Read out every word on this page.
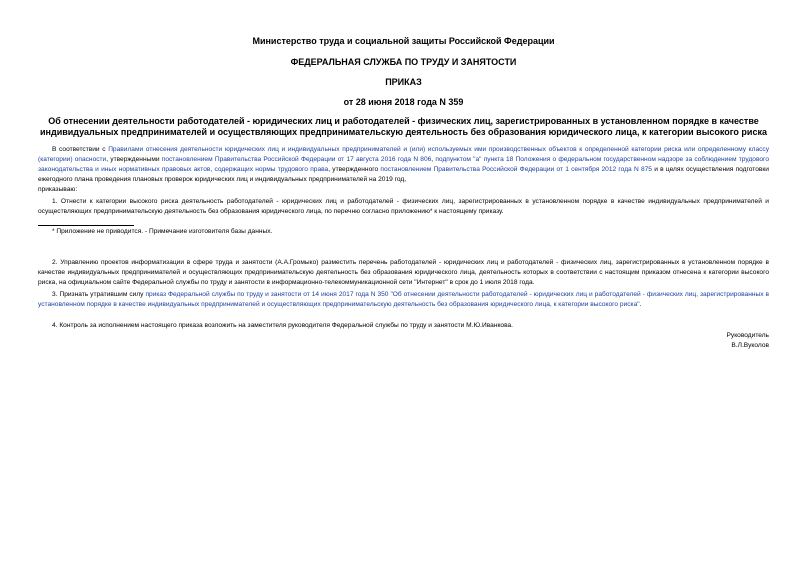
Министерство труда и социальной защиты Российской Федерации
ФЕДЕРАЛЬНАЯ СЛУЖБА ПО ТРУДУ И ЗАНЯТОСТИ
ПРИКАЗ
от 28 июня 2018 года N 359
Об отнесении деятельности работодателей - юридических лиц и работодателей - физических лиц, зарегистрированных в установленном порядке в качестве
индивидуальных предпринимателей и осуществляющих предпринимательскую деятельность без образования юридического лица, к категории высокого риска
В соответствии с Правилами отнесения деятельности юридических лиц и индивидуальных предпринимателей и (или) используемых ими производственных объектов к определенной категории риска или определенному классу (категории) опасности, утвержденными постановлением Правительства Российской Федерации от 17 августа 2016 года N 806, подпунктом "а" пункта 18 Положения о федеральном государственном надзоре за соблюдением трудового законодательства и иных нормативных правовых актов, содержащих нормы трудового права, утвержденного постановлением Правительства Российской Федерации от 1 сентября 2012 года N 875 и в целях осуществления подготовки ежегодного плана проведения плановых проверок юридических лиц и индивидуальных предпринимателей на 2019 год,
приказываю:
1. Отнести к категории высокого риска деятельность работодателей - юридических лиц и работодателей - физических лиц, зарегистрированных в установленном порядке в качестве индивидуальных предпринимателей и осуществляющих предпринимательскую деятельность без образования юридического лица, по перечню согласно приложению* к настоящему приказу.
* Приложение не приводится. - Примечание изготовителя базы данных.
2. Управлению проектов информатизации в сфере труда и занятости (А.А.Громыко) разместить перечень работодателей - юридических лиц и работодателей - физических лиц, зарегистрированных в установленном порядке в качестве индивидуальных предпринимателей и осуществляющих предпринимательскую деятельность без образования юридического лица, деятельность которых в соответствии с настоящим приказом отнесена к категории высокого риска, на официальном сайте Федеральной службы по труду и занятости в информационно-телекоммуникационной сети "Интернет" в срок до 1 июля 2018 года.
3. Признать утратившим силу приказ Федеральной службы по труду и занятости от 14 июня 2017 года N 350 "Об отнесении деятельности работодателей - юридических лиц и работодателей - физических лиц, зарегистрированных в установленном порядке в качестве индивидуальных предпринимателей и осуществляющих предпринимательскую деятельность без образования юридического лица, к категории высокого риска".
4. Контроль за исполнением настоящего приказа возложить на заместителя руководителя Федеральной службы по труду и занятости М.Ю.Иванкова.
Руководитель
В.Л.Вуколов
